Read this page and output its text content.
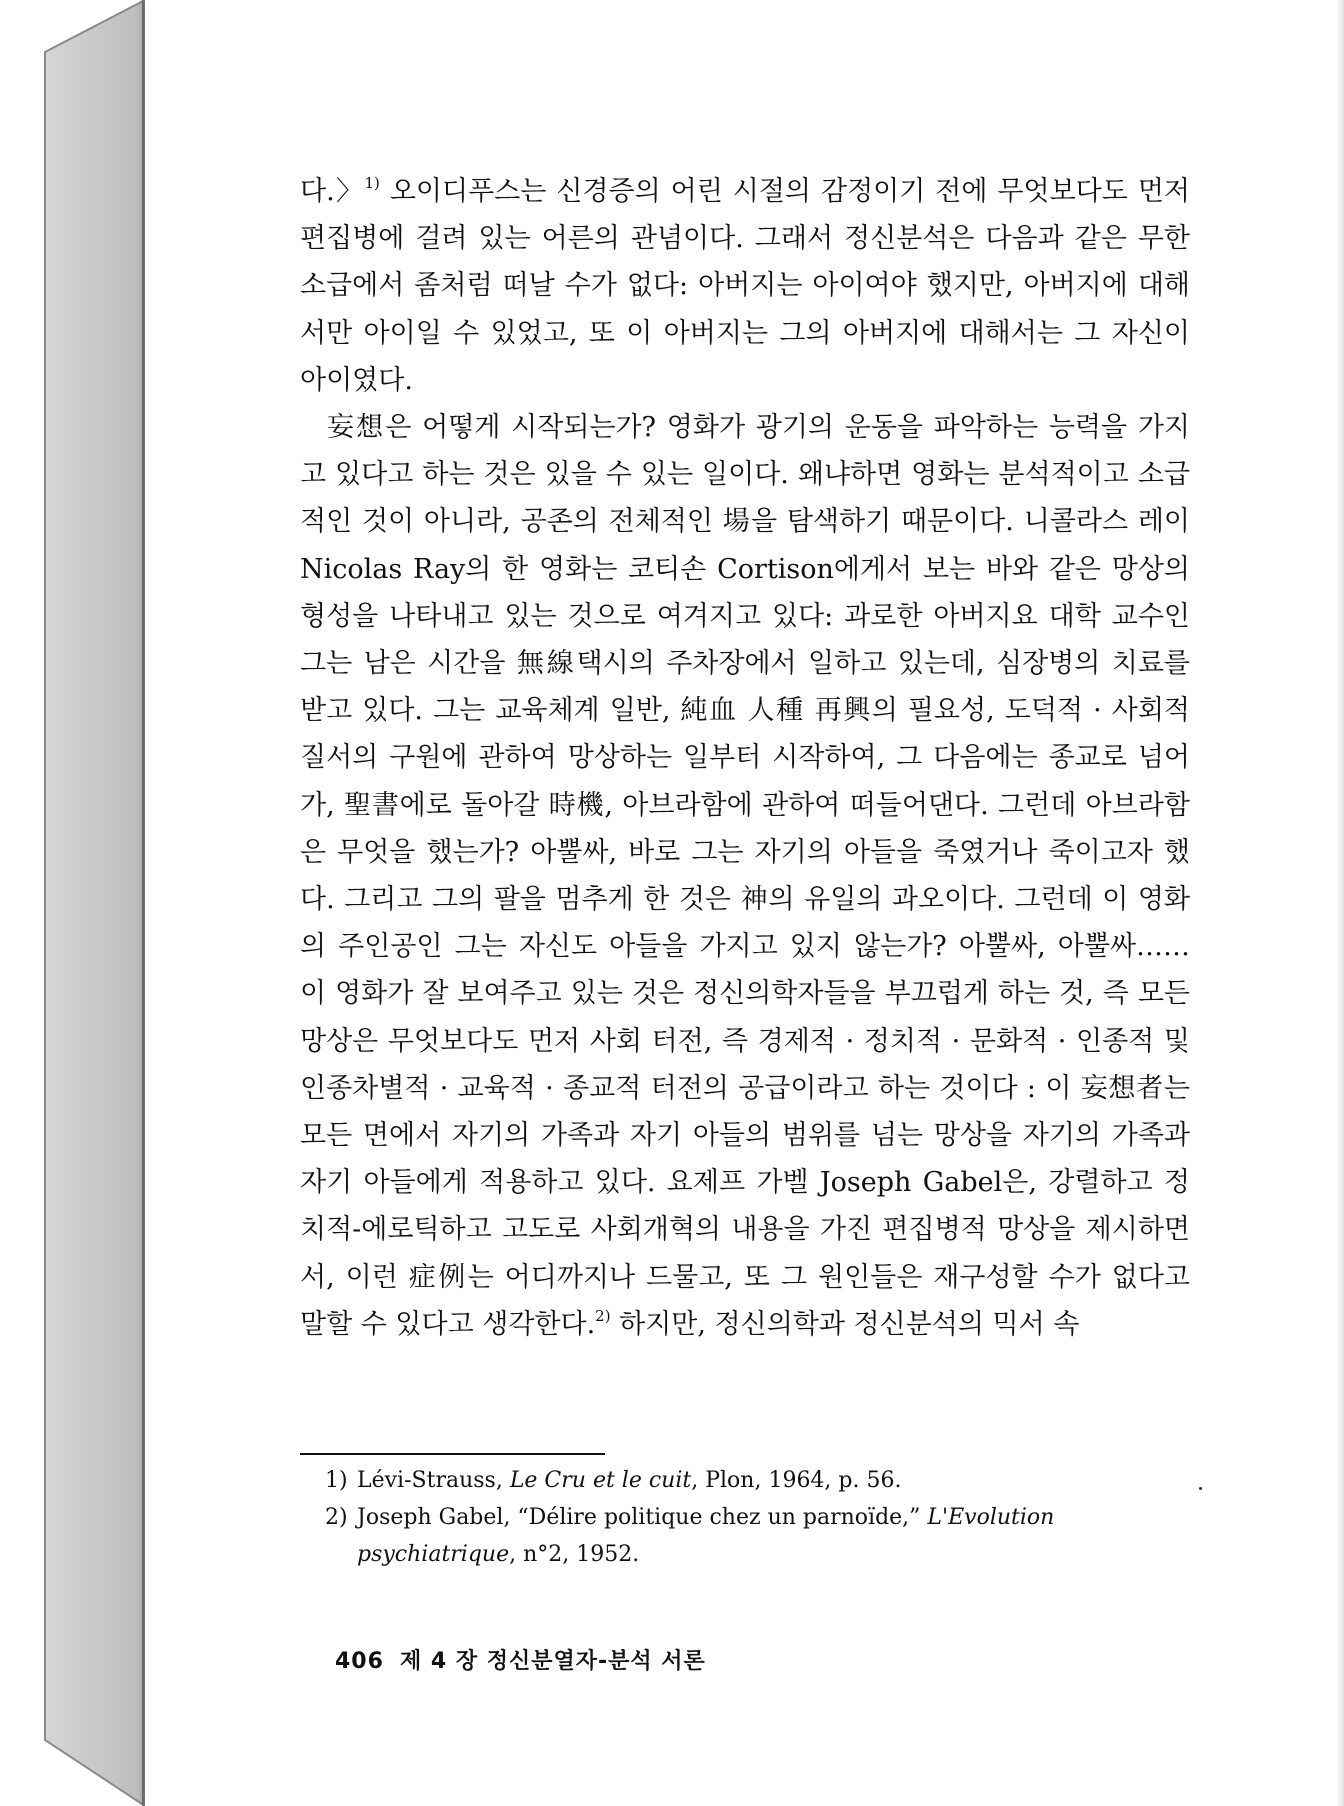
다.〉$^{1)}$ 오이디푸스는 신경증의 어린 시절의 감정이기 전에 무엇보다도 먼저 편집병에 걸려 있는 어른의 관념이다. 그래서 정신분석은 다음과 같은 무한소급에서 좀처럼 떠날 수가 없다: 아버지는 아이여야 했지만, 아버지에 대해서만 아이일 수 있었고, 또 이 아버지는 그의 아버지에 대해서는 그 자신이 아이였다.

妄想은 어떻게 시작되는가? 영화가 광기의 운동을 파악하는 능력을 가지고 있다고 하는 것은 있을 수 있는 일이다. 왜냐하면 영화는 분석적이고 소급적인 것이 아니라, 공존의 전체적인 場을 탐색하기 때문이다. 니콜라스 레이 Nicolas Ray의 한 영화는 코티손 Cortison에게서 보는 바와 같은 망상의 형성을 나타내고 있는 것으로 여겨지고 있다: 과로한 아버지요 대학 교수인 그는 남은 시간을 無線택시의 주차장에서 일하고 있는데, 심장병의 치료를 받고 있다. 그는 교육체계 일반, 純血 人種 再興의 필요성, 도덕적 · 사회적 질서의 구원에 관하여 망상하는 일부터 시작하여, 그 다음에는 종교로 넘어가, 聖書에로 돌아갈 時機, 아브라함에 관하여 떠들어댄다. 그런데 아브라함은 무엇을 했는가? 아뿔싸, 바로 그는 자기의 아들을 죽였거나 죽이고자 했다. 그리고 그의 팔을 멈추게 한 것은 神의 유일의 과오이다. 그런데 이 영화의 주인공인 그는 자신도 아들을 가지고 있지 않는가? 아뿔싸, 아뿔싸…… 이 영화가 잘 보여주고 있는 것은 정신의학자들을 부끄럽게 하는 것, 즉 모든 망상은 무엇보다도 먼저 사회 터전, 즉 경제적 · 정치적 · 문화적 · 인종적 및 인종차별적 · 교육적 · 종교적 터전의 공급이라고 하는 것이다 : 이 妄想者는 모든 면에서 자기의 가족과 자기 아들의 범위를 넘는 망상을 자기의 가족과 자기 아들에게 적용하고 있다. 요제프 가벨 Joseph Gabel은, 강렬하고 정치적-에로틱하고 고도로 사회개혁의 내용을 가진 편집병적 망상을 제시하면서, 이런 症例는 어디까지나 드물고, 또 그 원인들은 재구성할 수가 없다고 말할 수 있다고 생각한다.$^{2)}$ 하지만, 정신의학과 정신분석의 믹서 속

1) Lévi-Strauss, Le Cru et le cuit, Plon, 1964, p. 56.

2) Joseph Gabel, “Délire politique chez un parnoïde,” L'Evolution psychiatrique, n°2, 1952.

406 제 4 장 정신분열자-분석 서론
